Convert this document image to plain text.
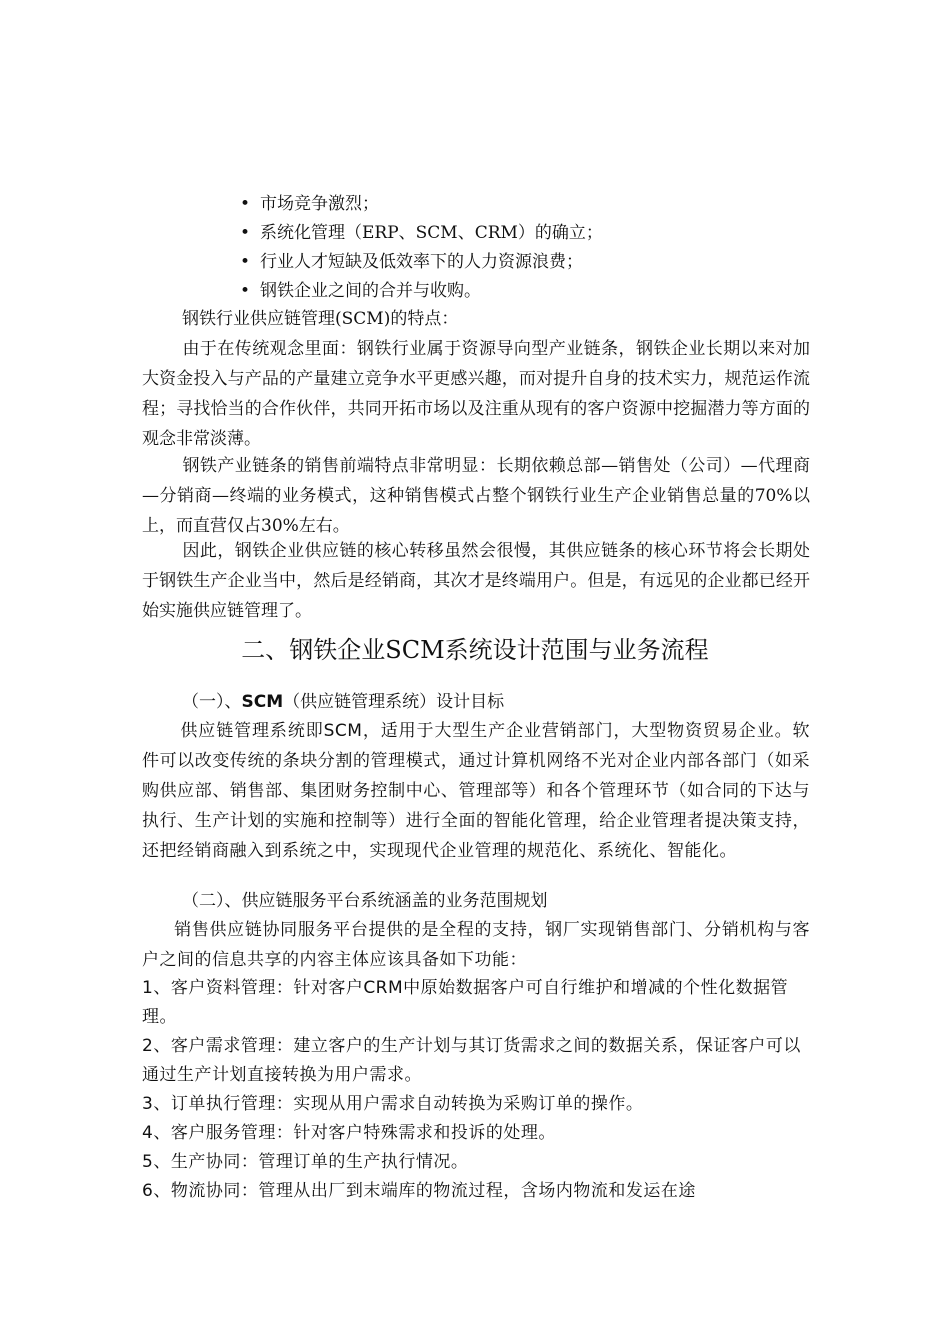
• 市场竞争激烈；
• 系统化管理（ERP、SCM、CRM）的确立；
• 行业人才短缺及低效率下的人力资源浪费；
• 钢铁企业之间的合并与收购。
钢铁行业供应链管理(SCM)的特点：
由于在传统观念里面：钢铁行业属于资源导向型产业链条，钢铁企业长期以来对加大资金投入与产品的产量建立竞争水平更感兴趣，而对提升自身的技术实力，规范运作流程；寻找恰当的合作伙伴，共同开拓市场以及注重从现有的客户资源中挖掘潜力等方面的观念非常淡薄。
钢铁产业链条的销售前端特点非常明显：长期依赖总部—销售处（公司）—代理商—分销商—终端的业务模式，这种销售模式占整个钢铁行业生产企业销售总量的70%以上，而直营仅占30%左右。
因此，钢铁企业供应链的核心转移虽然会很慢，其供应链条的核心环节将会长期处于钢铁生产企业当中，然后是经销商，其次才是终端用户。但是，有远见的企业都已经开始实施供应链管理了。
二、钢铁企业SCM系统设计范围与业务流程
（一）、SCM（供应链管理系统）设计目标
供应链管理系统即SCM，适用于大型生产企业营销部门，大型物资贸易企业。软件可以改变传统的条块分割的管理模式，通过计算机网络不光对企业内部各部门（如采购供应部、销售部、集团财务控制中心、管理部等）和各个管理环节（如合同的下达与执行、生产计划的实施和控制等）进行全面的智能化管理，给企业管理者提决策支持，还把经销商融入到系统之中，实现现代企业管理的规范化、系统化、智能化。
（二）、供应链服务平台系统涵盖的业务范围规划
销售供应链协同服务平台提供的是全程的支持，钢厂实现销售部门、分销机构与客户之间的信息共享的内容主体应该具备如下功能：
1、客户资料管理：针对客户CRM中原始数据客户可自行维护和增减的个性化数据管理。
2、客户需求管理：建立客户的生产计划与其订货需求之间的数据关系，保证客户可以通过生产计划直接转换为用户需求。
3、订单执行管理：实现从用户需求自动转换为采购订单的操作。
4、客户服务管理：针对客户特殊需求和投诉的处理。
5、生产协同：管理订单的生产执行情况。
6、物流协同：管理从出厂到末端库的物流过程，含场内物流和发运在途
